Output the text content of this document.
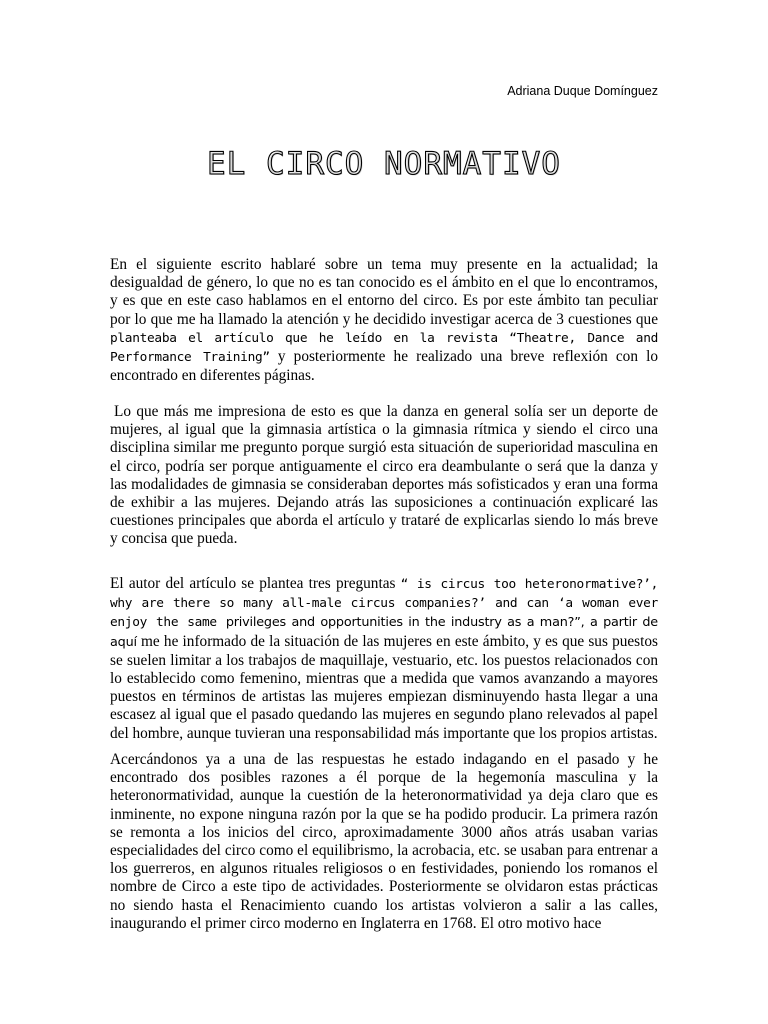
Adriana Duque Domínguez

EL CIRCO NORMATIVO

En el siguiente escrito hablaré sobre un tema muy presente en la actualidad; la desigualdad de género, lo que no es tan conocido es el ámbito en el que lo encontramos, y es que en este caso hablamos en el entorno del circo. Es por este ámbito tan peculiar por lo que me ha llamado la atención y he decidido investigar acerca de 3 cuestiones que planteaba el artículo que he leído en la revista “Theatre, Dance and Performance Training” y posteriormente he realizado una breve reflexión con lo encontrado en diferentes páginas.

Lo que más me impresiona de esto es que la danza en general solía ser un deporte de mujeres, al igual que la gimnasia artística o la gimnasia rítmica y siendo el circo una disciplina similar me pregunto porque surgió esta situación de superioridad masculina en el circo, podría ser porque antiguamente el circo era deambulante o será que la danza y las modalidades de gimnasia se consideraban deportes más sofisticados y eran una forma de exhibir a las mujeres. Dejando atrás las suposiciones a continuación explicaré las cuestiones principales que aborda el artículo y trataré de explicarlas siendo lo más breve y concisa que pueda.

El autor del artículo se plantea tres preguntas “ is circus too heteronormative?’, why are there so many all-male circus companies?’ and can ‘a woman ever enjoy the same privileges and opportunities in the industry as a man?”, a partir de aquí me he informado de la situación de las mujeres en este ámbito, y es que sus puestos se suelen limitar a los trabajos de maquillaje, vestuario, etc. los puestos relacionados con lo establecido como femenino, mientras que a medida que vamos avanzando a mayores puestos en términos de artistas las mujeres empiezan disminuyendo hasta llegar a una escasez al igual que el pasado quedando las mujeres en segundo plano relevados al papel del hombre, aunque tuvieran una responsabilidad más importante que los propios artistas.

Acercándonos ya a una de las respuestas he estado indagando en el pasado y he encontrado dos posibles razones a él porque de la hegemonía masculina y la heteronormatividad, aunque la cuestión de la heteronormatividad ya deja claro que es inminente, no expone ninguna razón por la que se ha podido producir. La primera razón se remonta a los inicios del circo, aproximadamente 3000 años atrás usaban varias especialidades del circo como el equilibrismo, la acrobacia, etc. se usaban para entrenar a los guerreros, en algunos rituales religiosos o en festividades, poniendo los romanos el nombre de Circo a este tipo de actividades. Posteriormente se olvidaron estas prácticas no siendo hasta el Renacimiento cuando los artistas volvieron a salir a las calles, inaugurando el primer circo moderno en Inglaterra en 1768. El otro motivo hace
